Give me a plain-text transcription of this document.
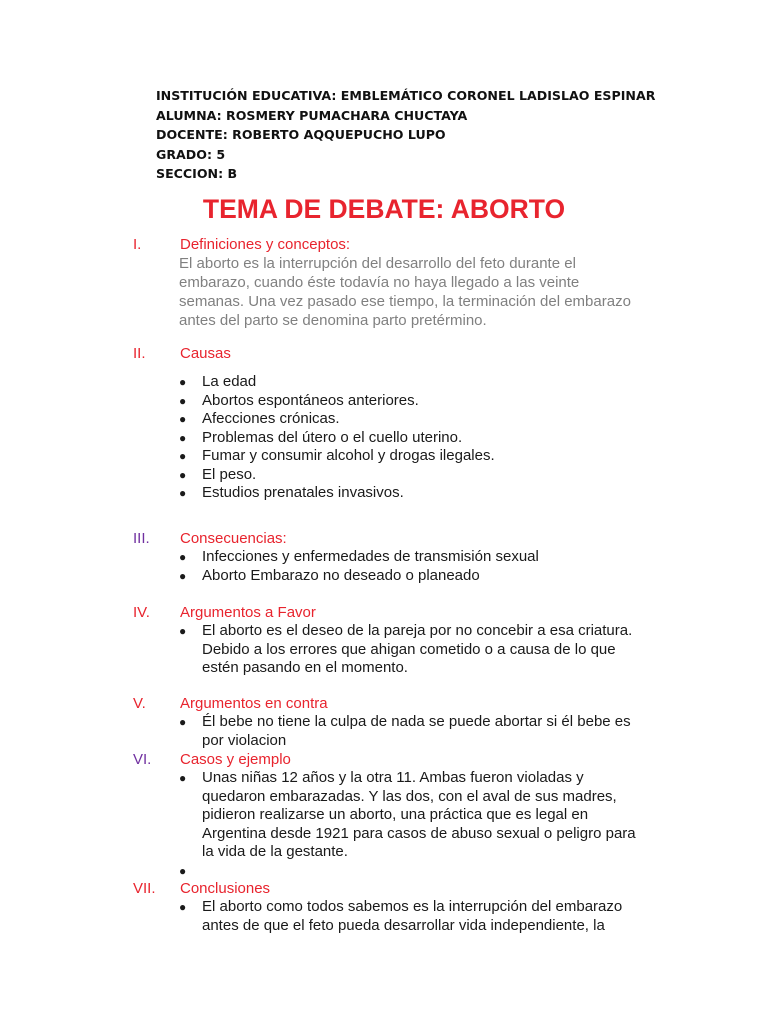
INSTITUCIÓN EDUCATIVA: EMBLEMÁTICO CORONEL LADISLAO ESPINAR
ALUMNA: ROSMERY PUMACHARA CHUCTAYA
DOCENTE: ROBERTO AQQUEPUCHO LUPO
GRADO: 5
SECCION: B
TEMA DE DEBATE: ABORTO
I.	Definiciones y conceptos:
El aborto es la interrupción del desarrollo del feto durante el
embarazo, cuando éste todavía no haya llegado a las veinte
semanas. Una vez pasado ese tiempo, la terminación del embarazo
antes del parto se denomina parto pretérmino.
II. Causas
● La edad
● Abortos espontáneos anteriores.
● Afecciones crónicas.
● Problemas del útero o el cuello uterino.
● Fumar y consumir alcohol y drogas ilegales.
● El peso.
● Estudios prenatales invasivos.
III. Consecuencias:
● Infecciones y enfermedades de transmisión sexual
● Aborto Embarazo no deseado o planeado
IV. Argumentos a Favor
● El aborto es el deseo de la pareja por no concebir a esa criatura.
Debido a los errores que ahigan cometido o a causa de lo que
estén pasando en el momento.
V. Argumentos en contra
● Él bebe no tiene la culpa de nada se puede abortar si él bebe es
por violacion
VI. Casos y ejemplo
● Unas niñas 12 años y la otra 11. Ambas fueron violadas y
quedaron embarazadas. Y las dos, con el aval de sus madres,
pidieron realizarse un aborto, una práctica que es legal en
Argentina desde 1921 para casos de abuso sexual o peligro para
la vida de la gestante.
●
VII. Conclusiones
● El aborto como todos sabemos es la interrupción del embarazo
antes de que el feto pueda desarrollar vida independiente, la
